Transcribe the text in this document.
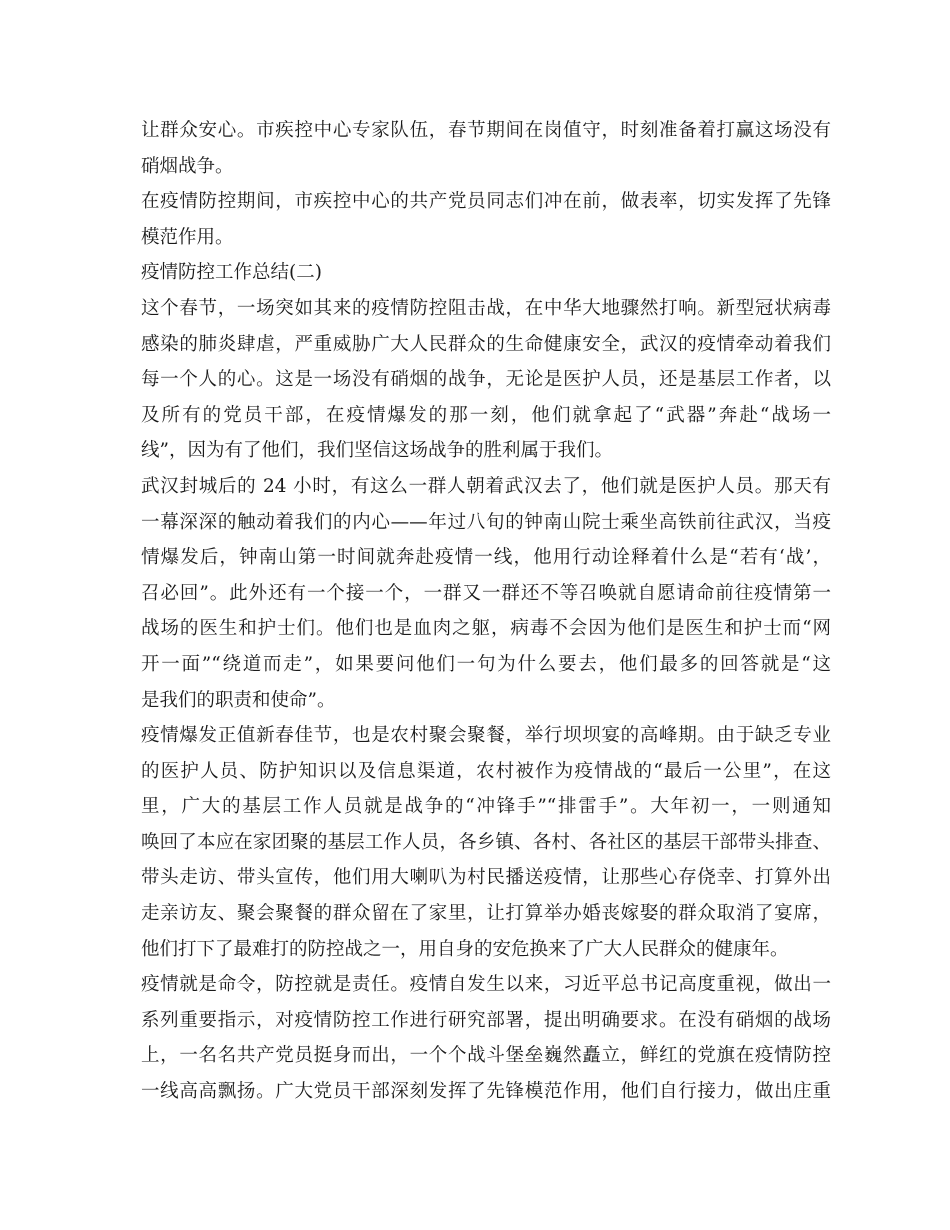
让群众安心。市疾控中心专家队伍，春节期间在岗值守，时刻准备着打赢这场没有
硝烟战争。
在疫情防控期间，市疾控中心的共产党员同志们冲在前，做表率，切实发挥了先锋
模范作用。
疫情防控工作总结(二)
这个春节，一场突如其来的疫情防控阻击战，在中华大地骤然打响。新型冠状病毒
感染的肺炎肆虐，严重威胁广大人民群众的生命健康安全，武汉的疫情牵动着我们
每一个人的心。这是一场没有硝烟的战争，无论是医护人员，还是基层工作者，以
及所有的党员干部，在疫情爆发的那一刻，他们就拿起了“武器”奔赴“战场一
线”，因为有了他们，我们坚信这场战争的胜利属于我们。
武汉封城后的 24 小时，有这么一群人朝着武汉去了，他们就是医护人员。那天有
一幕深深的触动着我们的内心——年过八旬的钟南山院士乘坐高铁前往武汉，当疫
情爆发后，钟南山第一时间就奔赴疫情一线，他用行动诠释着什么是“若有‘战’，
召必回”。此外还有一个接一个，一群又一群还不等召唤就自愿请命前往疫情第一
战场的医生和护士们。他们也是血肉之躯，病毒不会因为他们是医生和护士而“网
开一面”“绕道而走”，如果要问他们一句为什么要去，他们最多的回答就是“这
是我们的职责和使命”。
疫情爆发正值新春佳节，也是农村聚会聚餐，举行坝坝宴的高峰期。由于缺乏专业
的医护人员、防护知识以及信息渠道，农村被作为疫情战的“最后一公里”，在这
里，广大的基层工作人员就是战争的“冲锋手”“排雷手”。大年初一，一则通知
唤回了本应在家团聚的基层工作人员，各乡镇、各村、各社区的基层干部带头排查、
带头走访、带头宣传，他们用大喇叭为村民播送疫情，让那些心存侥幸、打算外出
走亲访友、聚会聚餐的群众留在了家里，让打算举办婚丧嫁娶的群众取消了宴席，
他们打下了最难打的防控战之一，用自身的安危换来了广大人民群众的健康年。
疫情就是命令，防控就是责任。疫情自发生以来，习近平总书记高度重视，做出一
系列重要指示，对疫情防控工作进行研究部署，提出明确要求。在没有硝烟的战场
上，一名名共产党员挺身而出，一个个战斗堡垒巍然矗立，鲜红的党旗在疫情防控
一线高高飘扬。广大党员干部深刻发挥了先锋模范作用，他们自行接力，做出庄重
